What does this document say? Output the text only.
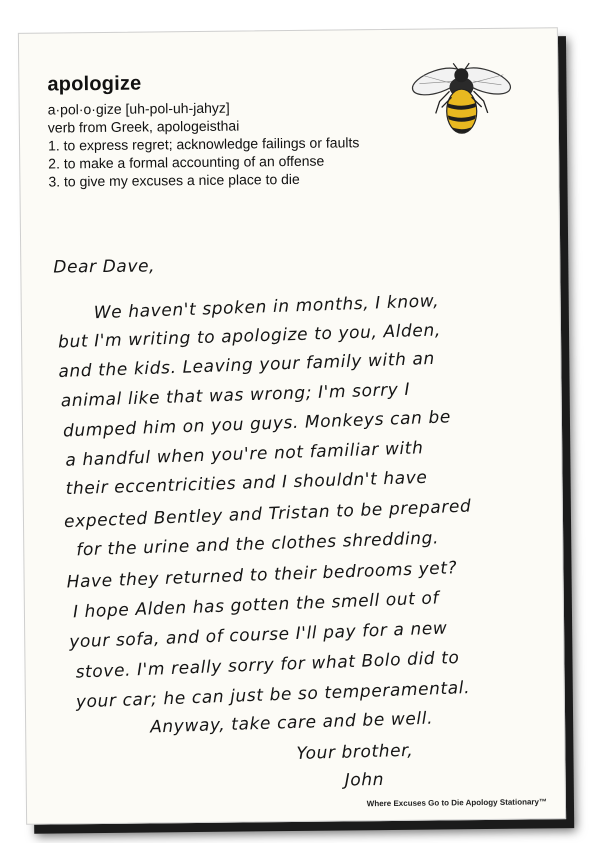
apologize

a·pol·o·gize [uh-pol-uh-jahyz]

verb from Greek, apologeisthai

1. to express regret; acknowledge failings or faults

2. to make a formal accounting of an offense

3. to give my excuses a nice place to die

Dear Dave,
We haven't spoken in months, I know,
but I'm writing to apologize to you, Alden,
and the kids. Leaving your family with an
animal like that was wrong; I'm sorry I
dumped him on you guys. Monkeys can be
a handful when you're not familiar with
their eccentricities and I shouldn't have
expected Bentley and Tristan to be prepared
for the urine and the clothes shredding.
Have they returned to their bedrooms yet?
I hope Alden has gotten the smell out of
your sofa, and of course I'll pay for a new
stove. I'm really sorry for what Bolo did to
your car; he can just be so temperamental.
Anyway, take care and be well.
Your brother,
John
Where Excuses Go to Die Apology Stationary™
